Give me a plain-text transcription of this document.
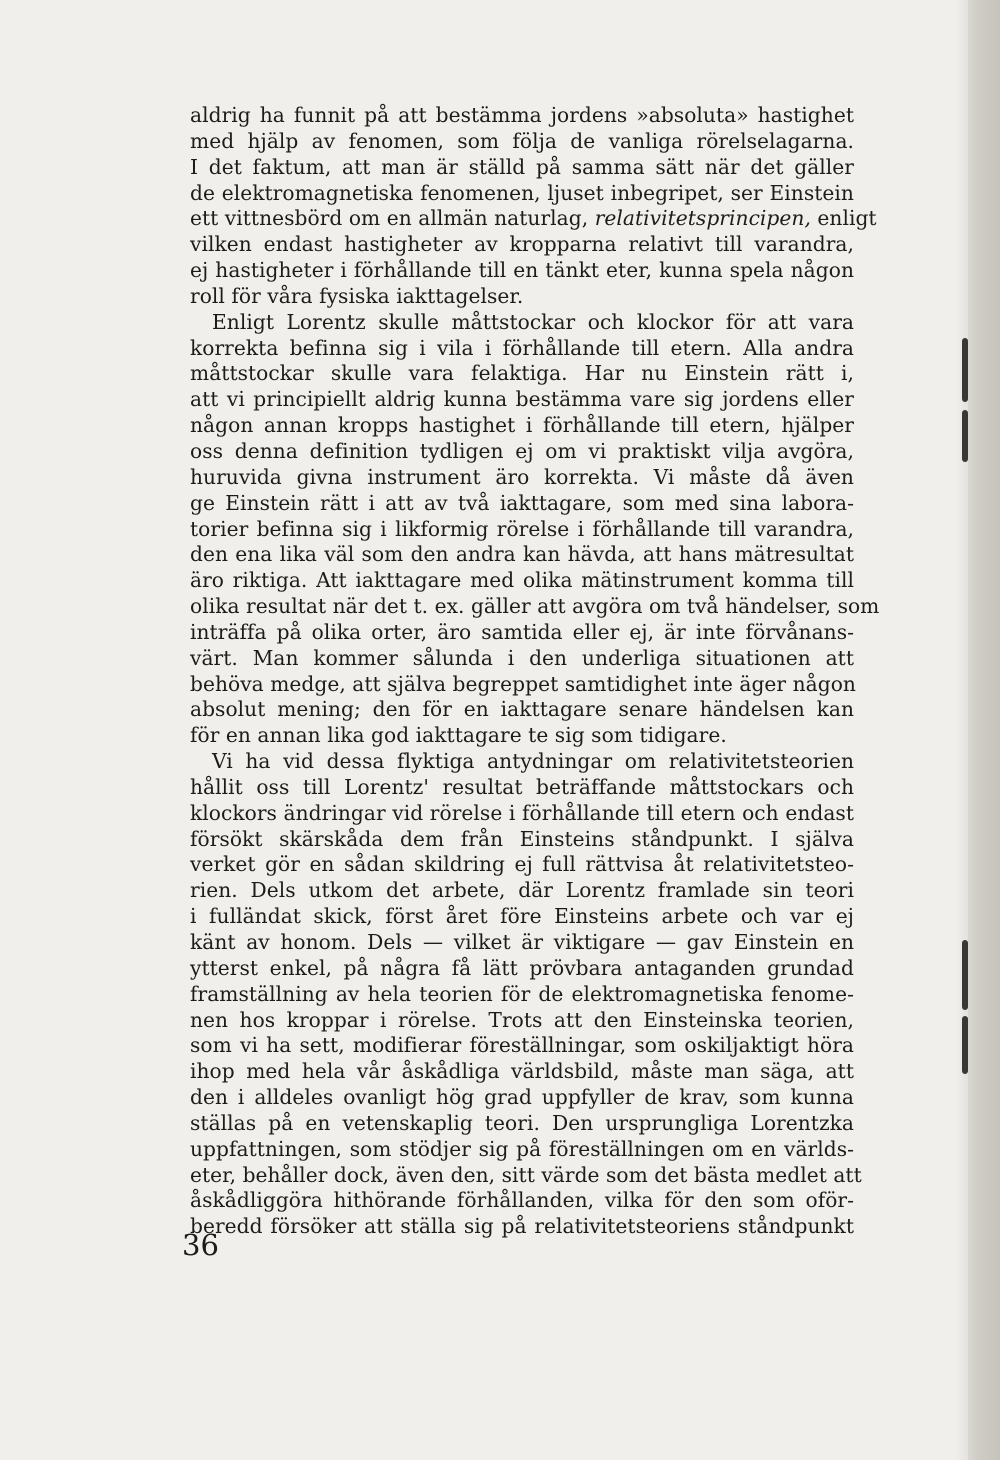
aldrig ha funnit på att bestämma jordens »absoluta» hastighet
med hjälp av fenomen, som följa de vanliga rörelselagarna.
I det faktum, att man är ställd på samma sätt när det gäller
de elektromagnetiska fenomenen, ljuset inbegripet, ser Einstein
ett vittnesbörd om en allmän naturlag, relativitetsprincipen, enligt
vilken endast hastigheter av kropparna relativt till varandra,
ej hastigheter i förhållande till en tänkt eter, kunna spela någon
roll för våra fysiska iakttagelser.
Enligt Lorentz skulle måttstockar och klockor för att vara
korrekta befinna sig i vila i förhållande till etern. Alla andra
måttstockar skulle vara felaktiga. Har nu Einstein rätt i,
att vi principiellt aldrig kunna bestämma vare sig jordens eller
någon annan kropps hastighet i förhållande till etern, hjälper
oss denna definition tydligen ej om vi praktiskt vilja avgöra,
huruvida givna instrument äro korrekta. Vi måste då även
ge Einstein rätt i att av två iakttagare, som med sina labora-
torier befinna sig i likformig rörelse i förhållande till varandra,
den ena lika väl som den andra kan hävda, att hans mätresultat
äro riktiga. Att iakttagare med olika mätinstrument komma till
olika resultat när det t. ex. gäller att avgöra om två händelser, som
inträffa på olika orter, äro samtida eller ej, är inte förvånans-
värt. Man kommer sålunda i den underliga situationen att
behöva medge, att själva begreppet samtidighet inte äger någon
absolut mening; den för en iakttagare senare händelsen kan
för en annan lika god iakttagare te sig som tidigare.
Vi ha vid dessa flyktiga antydningar om relativitetsteorien
hållit oss till Lorentz' resultat beträffande måttstockars och
klockors ändringar vid rörelse i förhållande till etern och endast
försökt skärskåda dem från Einsteins ståndpunkt. I själva
verket gör en sådan skildring ej full rättvisa åt relativitetsteo-
rien. Dels utkom det arbete, där Lorentz framlade sin teori
i fulländat skick, först året före Einsteins arbete och var ej
känt av honom. Dels — vilket är viktigare — gav Einstein en
ytterst enkel, på några få lätt prövbara antaganden grundad
framställning av hela teorien för de elektromagnetiska fenome-
nen hos kroppar i rörelse. Trots att den Einsteinska teorien,
som vi ha sett, modifierar föreställningar, som oskiljaktigt höra
ihop med hela vår åskådliga världsbild, måste man säga, att
den i alldeles ovanligt hög grad uppfyller de krav, som kunna
ställas på en vetenskaplig teori. Den ursprungliga Lorentzka
uppfattningen, som stödjer sig på föreställningen om en världs-
eter, behåller dock, även den, sitt värde som det bästa medlet att
åskådliggöra hithörande förhållanden, vilka för den som oför-
beredd försöker att ställa sig på relativitetsteoriens ståndpunkt
36
